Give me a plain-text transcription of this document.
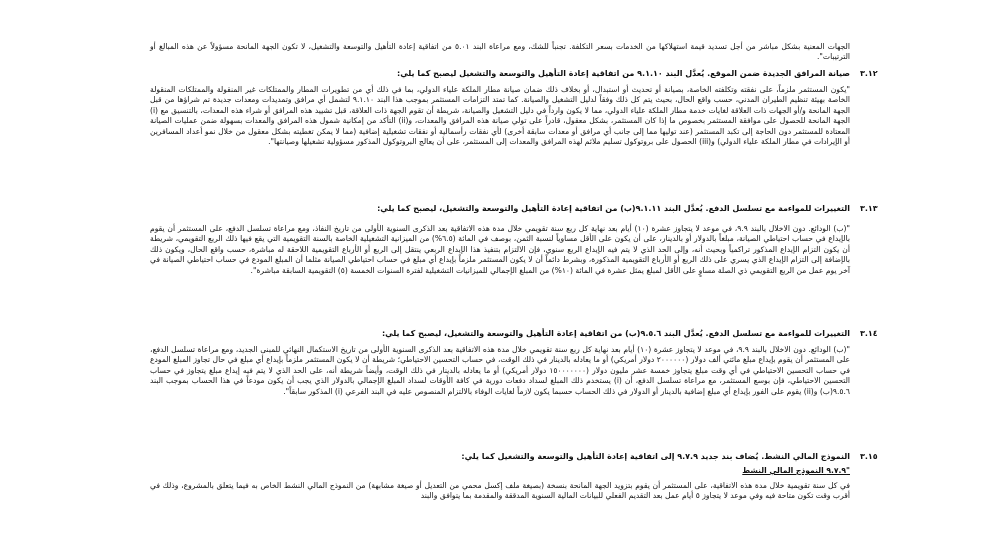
الجهات المعنية بشكل مباشر من أجل تسديد قيمة استهلاكها من الخدمات بسعر التكلفة. تجنباً للشك، ومع مراعاة البند ٥.٠١ من اتفاقية إعادة التأهيل والتوسعة والتشغيل، لا تكون الجهة المانحة مسؤولاً عن هذه المبالغ أو الترتيبات".
٣.١٢
صيانة المرافق الجديدة ضمن الموقع. يُعدَّل البند ٩.١.١٠ من اتفاقية إعادة التأهيل والتوسعة والتشغيل ليصبح كما يلي:
"يكون المستثمر ملزماً، على نفقته وتكلفته الخاصة، بصيانة أو تحديث أو استبدال، أو بخلاف ذلك ضمان صيانة مطار الملكة علياء الدولي، بما في ذلك أي من تطويرات المطار والممتلكات غير المنقولة والممتلكات المنقولة الخاصة بهيئة تنظيم الطيران المدني، حسب واقع الحال، بحيث يتم كل ذلك وفقاً لدليل التشغيل والصيانة. كما تمتد التزامات المستثمر بموجب هذا البند ٩.١.١٠ لتشمل أي مرافق وتمديدات ومعدات جديدة تم شراؤها من قبل الجهة المانحة و/أو الجهات ذات العلاقة لغايات خدمة مطار الملكة علياء الدولي، مما لا يكون وارداً في دليل التشغيل والصيانة، شريطة أن تقوم الجهة ذات العلاقة، قبل تشييد هذه المرافق أو شراء هذه المعدات، بالتنسيق مع (i) الجهة المانحة للحصول على موافقة المستثمر بخصوص ما إذا كان المستثمر، بشكل معقول، قادراً على تولي صيانة هذه المرافق والمعدات، و(ii) التأكد من إمكانية شمول هذه المرافق والمعدات بسهولة ضمن عمليات الصيانة المعتادة للمستثمر دون الحاجة إلى تكبد المستثمر (عند توليها مما إلى جانب أي مرافق أو معدات سابقة أخرى) لأي نفقات رأسمالية أو نفقات تشغيلية إضافية (مما لا يمكن تغطيته بشكل معقول من خلال نمو أعداد المسافرين أو الإيرادات في مطار الملكة علياء الدولي) و(iii) الحصول على بروتوكول تسليم ملائم لهذه المرافق والمعدات إلى المستثمر، على أن يعالج البروتوكول المذكور مسؤولية تشغيلها وصيانتها".
٣.١٣
التغييرات للمواءمة مع تسلسل الدفع. يُعدَّل البند ٩.١.١١(ب) من اتفاقية إعادة التأهيل والتوسعة والتشغيل، ليصبح كما يلي:
"(ب) الودائع. دون الاخلال بالبند ٩.٩، في موعد لا يتجاوز عشرة (١٠) أيام بعد نهاية كل ربع سنة تقويمي خلال مدة هذه الاتفاقية بعد الذكرى السنوية الأولى من تاريخ النفاذ، ومع مراعاة تسلسل الدفع، على المستثمر أن يقوم بالإيداع في حساب احتياطي الصيانة، مبلغاً بالدولار أو بالدينار، على أن يكون على الأقل مساوياً لنسبة الثمن، بوصف في المائة (٦.٥%) من الميزانية التشغيلية الخاصة بالسنة التقويمية التي يقع فيها ذلك الربع التقويمي، شريطة أن يكون التزام الإيداع المذكور تراكمياً وبحيث أنه، وإلى الحد الذي لا يتم فيه الإيداع الربع سنوي، فإن الالتزام بتنفيذ هذا الإيداع الربعي ينتقل إلى الربع أو الأرباع التقويمية اللاحقة له مباشرة، حسب واقع الحال، ويكون ذلك بالإضافة إلى التزام الإيداع الذي يسري على ذلك الربع أو الأرباع التقويمية المذكورة، وبشرط دائماً أن لا يكون المستثمر ملزماً بإيداع أي مبلغ في حساب احتياطي الصيانة مثلما أن المبلغ المودع في حساب احتياطي الصيانة في آخر يوم عمل من الربع التقويمي ذي الصلة مساوٍ على الأقل لمبلغ يمثل عشرة في المائة (١٠%) من المبلغ الإجمالي للميزانيات التشغيلية لفترة السنوات الخمسة (٥) التقويمية السابقة مباشرة".
٣.١٤
التغييرات للمواءمة مع تسلسل الدفع. يُعدَّل البند ٩.٥.٦(ب) من اتفاقية إعادة التأهيل والتوسعة والتشغيل، ليصبح كما يلي:
"(ب) الودائع. دون الاخلال بالبند ٩.٩، في موعد لا يتجاوز عشرة (١٠) أيام بعد نهاية كل ربع سنة تقويمي خلال مدة هذه الاتفاقية بعد الذكرى السنوية الأولى من تاريخ الاستكمال النهائي للمبنى الجديد، ومع مراعاة تسلسل الدفع، على المستثمر أن يقوم بإيداع مبلغ مائتي ألف دولار (٢٠٠٠٠٠٠ دولار أمريكي) أو ما يعادله بالدينار في ذلك الوقت، في حساب التحسين الاحتياطي؛ شريطة أن لا يكون المستثمر ملزماً بإيداع أي مبلغ في حال تجاوز المبلغ المودع في حساب التحسين الاحتياطي في أي وقت مبلغ يتجاوز خمسة عشر مليون دولار (١٥٠٠٠٠٠٠٠ دولار أمريكي) أو ما يعادله بالدينار في ذلك الوقت، وأيضاً شريطة أنه، على الحد الذي لا يتم فيه إيداع مبلغ يتجاوز في حساب التحسين الاحتياطي، فإن بوسع المستثمر، مع مراعاة تسلسل الدفع، أن (i) يستخدم ذلك المبلغ لسداد دفعات دورية في كافة الأوقات لسداد المبلغ الإجمالي بالدولار الذي يجب أن يكون مودعاً في هذا الحساب بموجب البند ٩.٥.٦(ب) و(ii) يقوم على الفور بإيداع أي مبلغ إضافية بالدينار أو الدولار في ذلك الحساب حسبما يكون لازماً لغايات الوفاء بالالتزام المنصوص عليه في البند الفرعي (i) المذكور سابقاً".
٣.١٥
النموذج المالي النشط. يُضاف بند جديد ٩.٧.٩ إلى اتفاقية إعادة التأهيل والتوسعة والتشغيل كما يلي:
"٩.٧.٩ النموذج المالي النشط
في كل سنة تقويمية خلال مدة هذه الاتفاقية، على المستثمر أن يقوم بتزويد الجهة المانحة بنسخة (بصيغة ملف إكسل محمي من التعديل أو صيغة مشابهة) من النموذج المالي النشط الخاص به فيما يتعلق بالمشروع، وذلك في أقرب وقت تكون متاحة فيه وفي موعد لا يتجاوز ٥ أيام عمل بعد التقديم الفعلي للبيانات المالية السنوية المدققة والمقدمة بما يتوافق والبند
